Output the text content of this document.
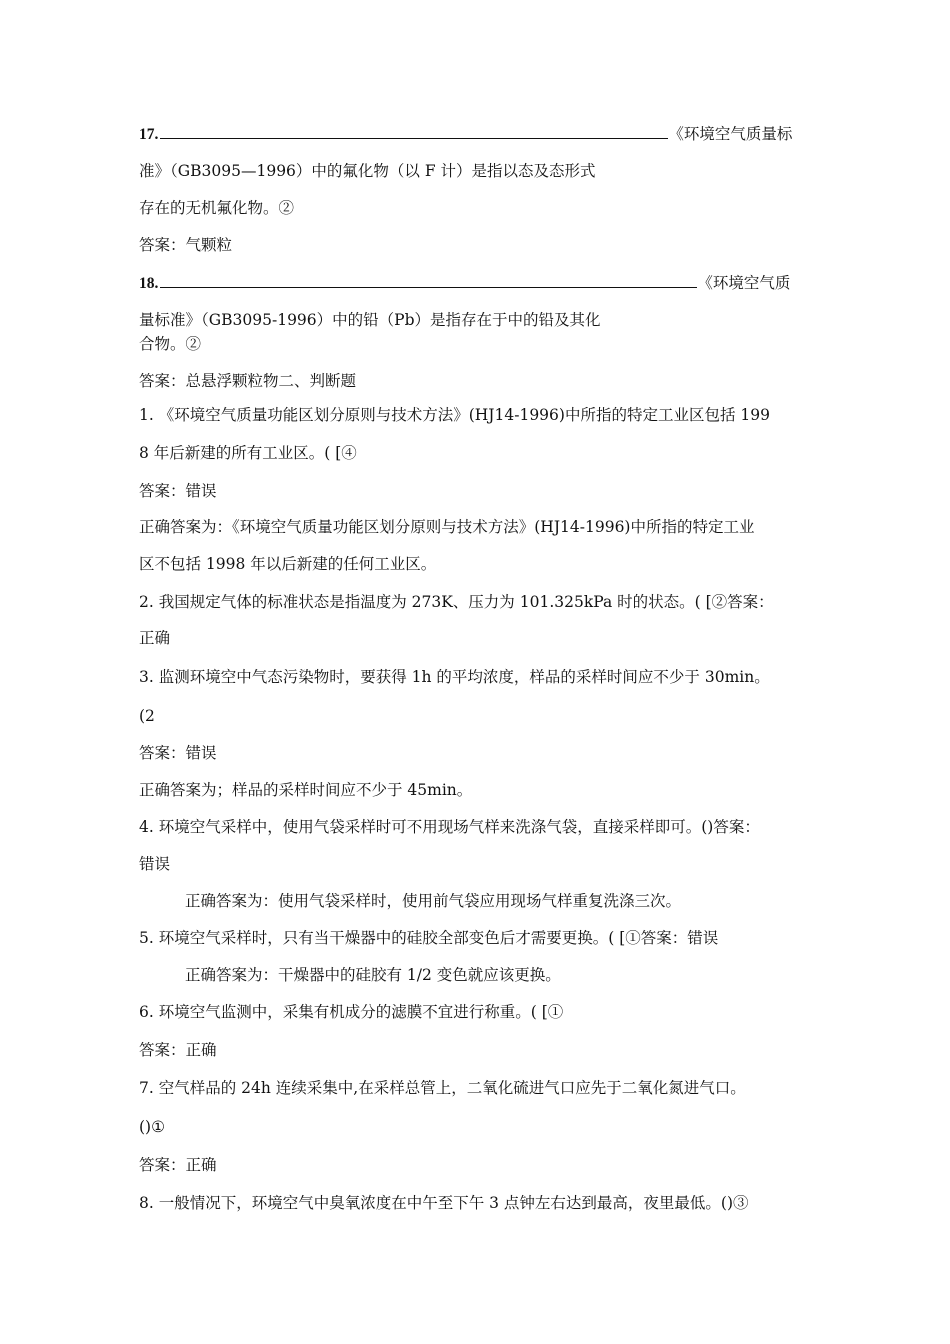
17.	《环境空气质量标
准》（GB3095—1996）中的氟化物（以 F 计）是指以态及态形式
存在的无机氟化物。②
答案：气颗粒
18.	《环境空气质
量标准》（GB3095-1996）中的铅（Pb）是指存在于中的铅及其化
合物。②
答案：总悬浮颗粒物二、判断题
1. 《环境空气质量功能区划分原则与技术方法》(HJ14-1996)中所指的特定工业区包括 199
8 年后新建的所有工业区。( [④
答案：错误
正确答案为：《环境空气质量功能区划分原则与技术方法》(HJ14-1996)中所指的特定工业
区不包括 1998 年以后新建的任何工业区。
2. 我国规定气体的标准状态是指温度为 273K、压力为 101.325kPa 时的状态。( [②答案：
正确
3. 监测环境空中气态污染物时，要获得 1h 的平均浓度，样品的采样时间应不少于 30min。
(2
答案：错误
正确答案为；样品的采样时间应不少于 45min。
4. 环境空气采样中，使用气袋采样时可不用现场气样来洗涤气袋，直接采样即可。()答案：
错误
正确答案为：使用气袋采样时，使用前气袋应用现场气样重复洗涤三次。
5. 环境空气采样时，只有当干燥器中的硅胶全部变色后才需要更换。( [①答案：错误
正确答案为：干燥器中的硅胶有 1/2 变色就应该更换。
6. 环境空气监测中，采集有机成分的滤膜不宜进行称重。( [①
答案：正确
7. 空气样品的 24h 连续采集中,在采样总管上，二氧化硫进气口应先于二氧化氮进气口。
()①
答案：正确
8. 一般情况下，环境空气中臭氧浓度在中午至下午 3 点钟左右达到最高，夜里最低。()③
